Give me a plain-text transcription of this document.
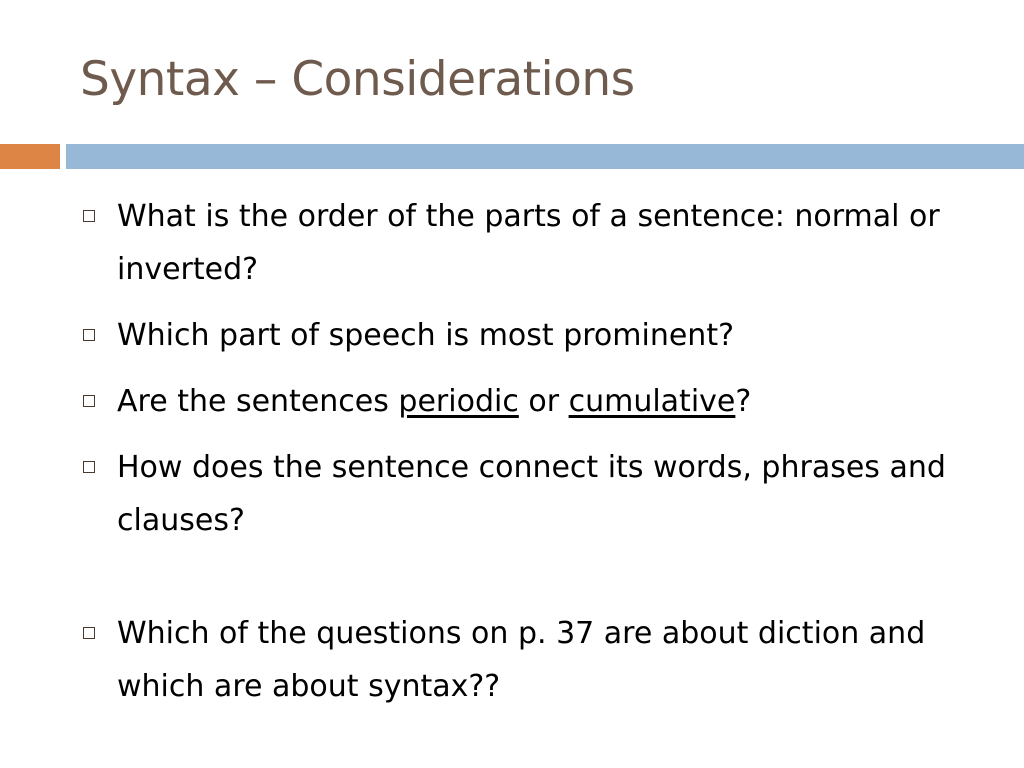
Syntax – Considerations
What is the order of the parts of a sentence: normal or inverted?
Which part of speech is most prominent?
Are the sentences periodic or cumulative?
How does the sentence connect its words, phrases and clauses?
Which of the questions on p. 37 are about diction and which are about syntax??
